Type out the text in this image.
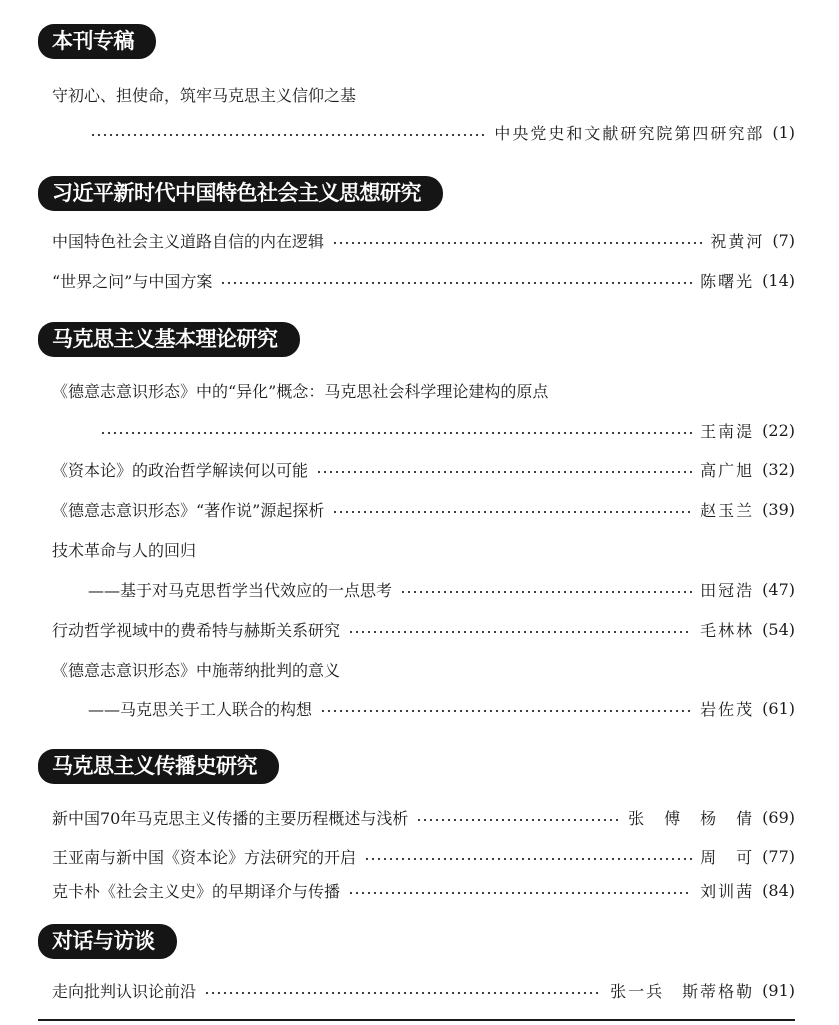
本刊专稿
守初心、担使命，筑牢马克思主义信仰之基
中央党史和文献研究院第四研究部 (1)
习近平新时代中国特色社会主义思想研究
中国特色社会主义道路自信的内在逻辑	祝黄河 (7)
“世界之问”与中国方案	陈曙光 (14)
马克思主义基本理论研究
《德意志意识形态》中的“异化”概念：马克思社会科学理论建构的原点
王南湜 (22)
《资本论》的政治哲学解读何以可能	高广旭 (32)
《德意志意识形态》“著作说”源起探析	赵玉兰 (39)
技术革命与人的回归
——基于对马克思哲学当代效应的一点思考	田冠浩 (47)
行动哲学视域中的费希特与赫斯关系研究	毛林林 (54)
《德意志意识形态》中施蒂纳批判的意义
——马克思关于工人联合的构想	岩佐茂 (61)
马克思主义传播史研究
新中国70年马克思主义传播的主要历程概述与浅析	张　傅　杨　倩 (69)
王亚南与新中国《资本论》方法研究的开启	周　可 (77)
克卡朴《社会主义史》的早期译介与传播	刘训茜 (84)
对话与访谈
走向批判认识论前沿	张一兵　斯蒂格勒 (91)
